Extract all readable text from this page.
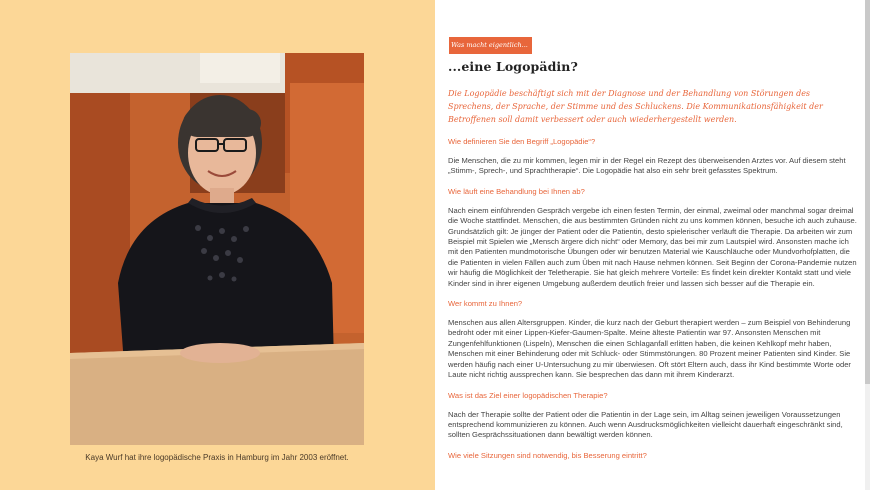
Kaya Wurf hat ihre logopädische Praxis in Hamburg im Jahr 2003 eröffnet.
Was macht eigentlich...
...eine Logopädin?

Die Logopädie beschäftigt sich mit der Diagnose und der Behandlung von Störungen des Sprechens, der Sprache, der Stimme und des Schluckens. Die Kommunikationsfähigkeit der Betroffenen soll damit verbessert oder auch wiederhergestellt werden.

Wie definieren Sie den Begriff „Logopädie“?

Die Menschen, die zu mir kommen, legen mir in der Regel ein Rezept des überweisenden Arztes vor. Auf diesem steht „Stimm-, Sprech-, und Sprachtherapie“. Die Logopädie hat also ein sehr breit gefasstes Spektrum.

Wie läuft eine Behandlung bei Ihnen ab?

Nach einem einführenden Gespräch vergebe ich einen festen Termin, der einmal, zweimal oder manchmal sogar dreimal die Woche stattfindet. Menschen, die aus bestimmten Gründen nicht zu uns kommen können, besuche ich auch zuhause. Grundsätzlich gilt: Je jünger der Patient oder die Patientin, desto spielerischer verläuft die Therapie. Da arbeiten wir zum Beispiel mit Spielen wie „Mensch ärgere dich nicht“ oder Memory, das bei mir zum Lautspiel wird. Ansonsten mache ich mit den Patienten mundmotorische Übungen oder wir benutzen Material wie Kauschläuche oder Mundvorhofplatten, die die Patienten in vielen Fällen auch zum Üben mit nach Hause nehmen können. Seit Beginn der Corona-Pandemie nutzen wir häufig die Möglichkeit der Teletherapie. Sie hat gleich mehrere Vorteile: Es findet kein direkter Kontakt statt und viele Kinder sind in ihrer eigenen Umgebung außerdem deutlich freier und lassen sich besser auf die Therapie ein.

Wer kommt zu Ihnen?

Menschen aus allen Altersgruppen. Kinder, die kurz nach der Geburt therapiert werden – zum Beispiel von Behinderung bedroht oder mit einer Lippen-Kiefer-Gaumen-Spalte. Meine älteste Patientin war 97. Ansonsten Menschen mit Zungenfehlfunktionen (Lispeln), Menschen die einen Schlaganfall erlitten haben, die keinen Kehlkopf mehr haben, Menschen mit einer Behinderung oder mit Schluck- oder Stimmstörungen. 80 Prozent meiner Patienten sind Kinder. Sie werden häufig nach einer U-Untersuchung zu mir überwiesen. Oft stört Eltern auch, dass ihr Kind bestimmte Worte oder Laute nicht richtig aussprechen kann. Sie besprechen das dann mit ihrem Kinderarzt.

Was ist das Ziel einer logopädischen Therapie?

Nach der Therapie sollte der Patient oder die Patientin in der Lage sein, im Alltag seinen jeweiligen Voraussetzungen entsprechend kommunizieren zu können. Auch wenn Ausdrucksmöglichkeiten vielleicht dauerhaft eingeschränkt sind, sollten Gesprächssituationen dann bewältigt werden können.

Wie viele Sitzungen sind notwendig, bis Besserung eintritt?
